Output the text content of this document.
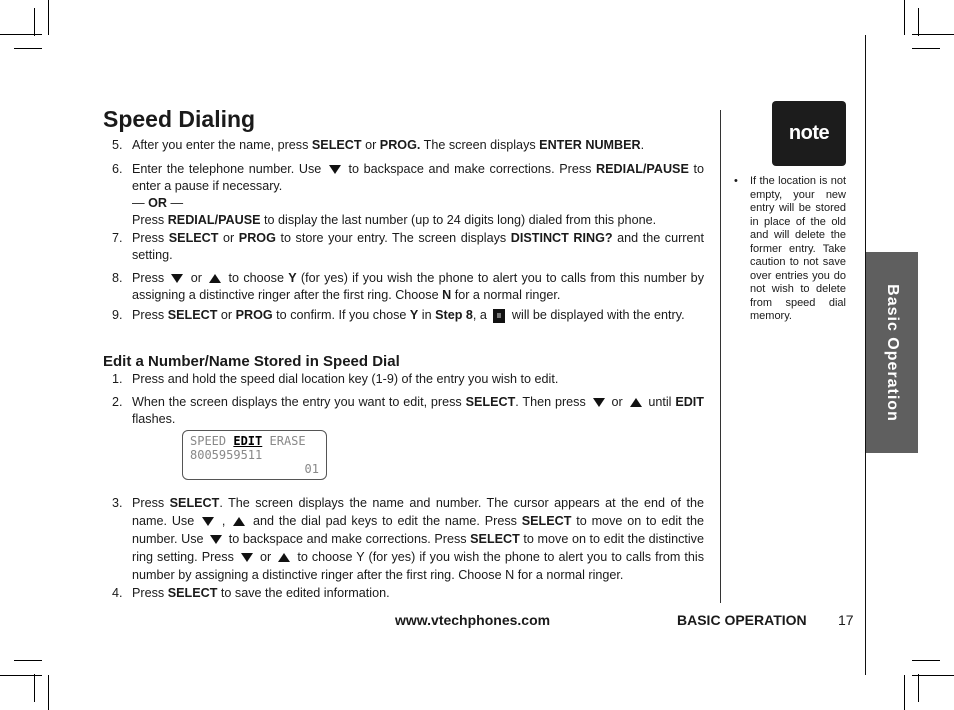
Speed Dialing
5. After you enter the name, press SELECT or PROG. The screen displays ENTER NUMBER.
6. Enter the telephone number. Use  to backspace and make corrections. Press REDIAL/PAUSE to enter a pause if necessary.
— OR —
Press REDIAL/PAUSE to display the last number (up to 24 digits long) dialed from this phone.
7. Press SELECT or PROG to store your entry. The screen displays DISTINCT RING? and the current setting.
8. Press  or  to choose Y (for yes) if you wish the phone to alert you to calls from this number by assigning a distinctive ringer after the first ring. Choose N for a normal ringer.
9. Press SELECT or PROG to confirm. If you chose Y in Step 8, a  will be displayed with the entry.
Edit a Number/Name Stored in Speed Dial
1. Press and hold the speed dial location key (1-9) of the entry you wish to edit.
2. When the screen displays the entry you want to edit, press SELECT. Then press  or  until EDIT flashes.
SPEED EDIT ERASE
8005959511
01
3. Press SELECT. The screen displays the name and number. The cursor appears at the end of the name. Use  ,  and the dial pad keys to edit the name. Press SELECT to move on to edit the number. Use  to backspace and make corrections. Press SELECT to move on to edit the distinctive ring setting. Press  or  to choose Y (for yes) if you wish the phone to alert you to calls from this number by assigning a distinctive ringer after the first ring. Choose N for a normal ringer.
4. Press SELECT to save the edited information.
note
• If the location is not empty, your new entry will be stored in place of the old and will delete the former entry. Take caution to not save over entries you do not wish to delete from speed dial memory.	Basic Operation
www.vtechphones.com	BASIC OPERATION 17
